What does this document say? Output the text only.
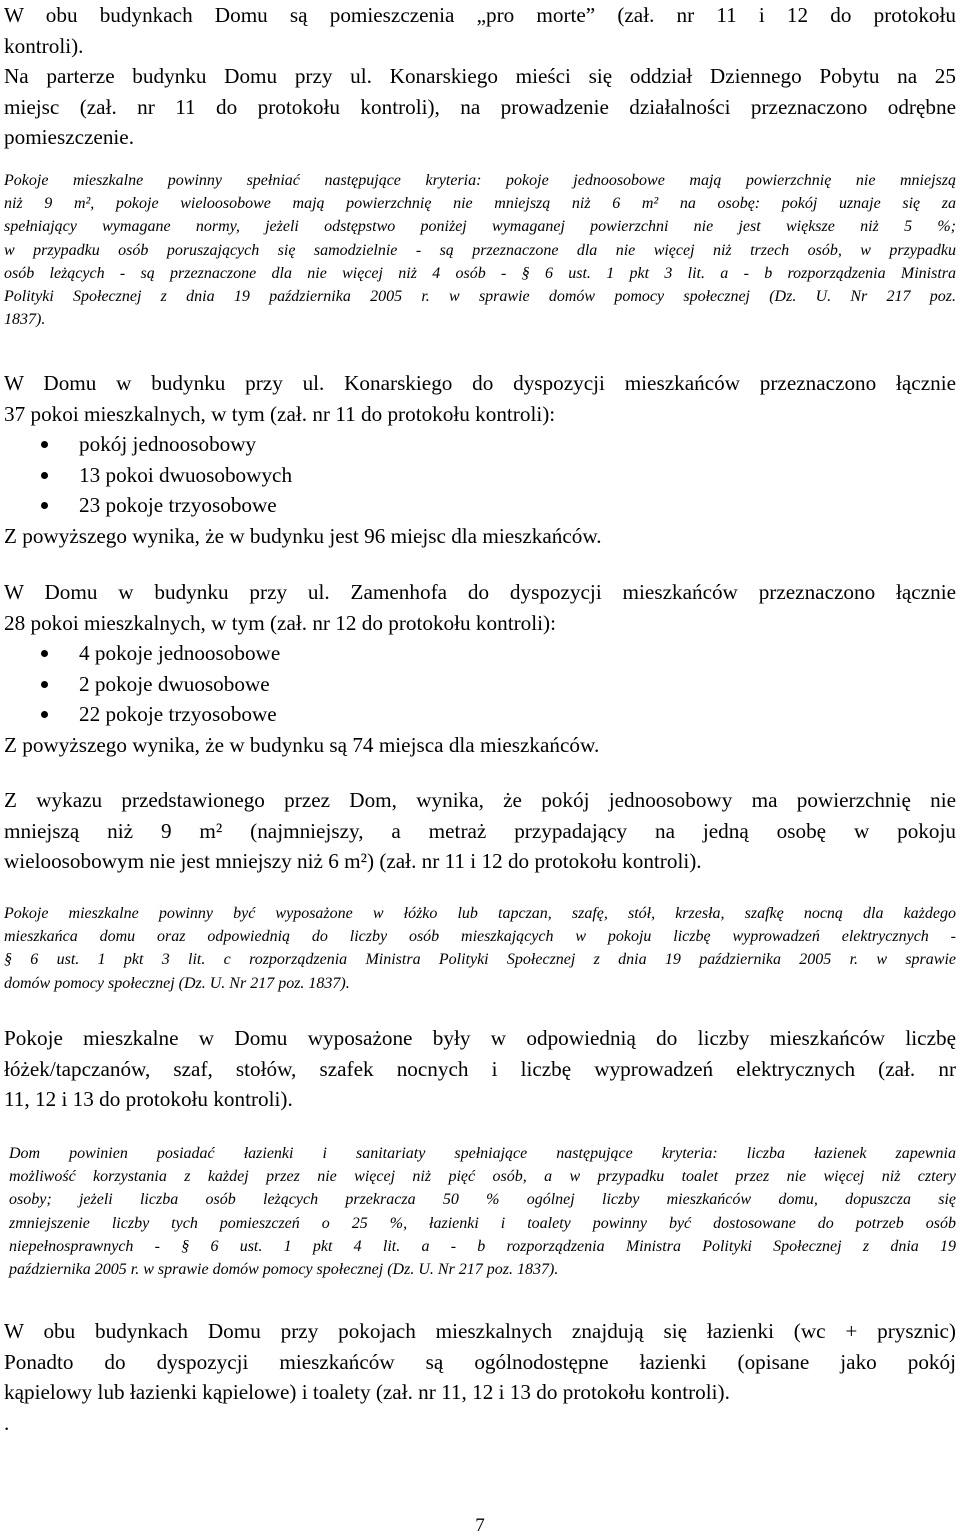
W obu budynkach Domu są pomieszczenia „pro morte” (zał. nr 11 i 12 do protokołu
kontroli).
Na parterze budynku Domu przy ul. Konarskiego mieści się oddział Dziennego Pobytu na 25
miejsc (zał. nr 11 do protokołu kontroli), na prowadzenie działalności przeznaczono odrębne
pomieszczenie.

Pokoje mieszkalne powinny spełniać następujące kryteria: pokoje jednoosobowe mają powierzchnię nie mniejszą
niż 9 m², pokoje wieloosobowe mają powierzchnię nie mniejszą niż 6 m² na osobę: pokój uznaje się za
spełniający wymagane normy, jeżeli odstępstwo poniżej wymaganej powierzchni nie jest większe niż 5 %;
w przypadku osób poruszających się samodzielnie - są przeznaczone dla nie więcej niż trzech osób, w przypadku
osób leżących - są przeznaczone dla nie więcej niż 4 osób - § 6 ust. 1 pkt 3 lit. a - b rozporządzenia Ministra
Polityki Społecznej z dnia 19 października 2005 r. w sprawie domów pomocy społecznej (Dz. U. Nr 217 poz.
1837).

W Domu w budynku przy ul. Konarskiego do dyspozycji mieszkańców przeznaczono łącznie
37 pokoi mieszkalnych, w tym (zał. nr 11 do protokołu kontroli):

pokój jednoosobowy
13 pokoi dwuosobowych
23 pokoje trzyosobowe

Z powyższego wynika, że w budynku jest 96 miejsc dla mieszkańców.

W Domu w budynku przy ul. Zamenhofa do dyspozycji mieszkańców przeznaczono łącznie
28 pokoi mieszkalnych, w tym (zał. nr 12 do protokołu kontroli):

4 pokoje jednoosobowe
2 pokoje dwuosobowe
22 pokoje trzyosobowe

Z powyższego wynika, że w budynku są 74 miejsca dla mieszkańców.

Z wykazu przedstawionego przez Dom, wynika, że pokój jednoosobowy ma powierzchnię nie
mniejszą niż 9 m² (najmniejszy, a metraż przypadający na jedną osobę w pokoju
wieloosobowym nie jest mniejszy niż 6 m²) (zał. nr 11 i 12 do protokołu kontroli).

Pokoje mieszkalne powinny być wyposażone w łóżko lub tapczan, szafę, stół, krzesła, szafkę nocną dla każdego
mieszkańca domu oraz odpowiednią do liczby osób mieszkających w pokoju liczbę wyprowadzeń elektrycznych -
§ 6 ust. 1 pkt 3 lit. c rozporządzenia Ministra Polityki Społecznej z dnia 19 października 2005 r. w sprawie
domów pomocy społecznej (Dz. U. Nr 217 poz. 1837).

Pokoje mieszkalne w Domu wyposażone były w odpowiednią do liczby mieszkańców liczbę
łóżek/tapczanów, szaf, stołów, szafek nocnych i liczbę wyprowadzeń elektrycznych (zał. nr
11, 12 i 13 do protokołu kontroli).

Dom powinien posiadać łazienki i sanitariaty spełniające następujące kryteria: liczba łazienek zapewnia
możliwość korzystania z każdej przez nie więcej niż pięć osób, a w przypadku toalet przez nie więcej niż cztery
osoby; jeżeli liczba osób leżących przekracza 50 % ogólnej liczby mieszkańców domu, dopuszcza się
zmniejszenie liczby tych pomieszczeń o 25 %, łazienki i toalety powinny być dostosowane do potrzeb osób
niepełnosprawnych - § 6 ust. 1 pkt 4 lit. a - b rozporządzenia Ministra Polityki Społecznej z dnia 19
października 2005 r. w sprawie domów pomocy społecznej (Dz. U. Nr 217 poz. 1837).

W obu budynkach Domu przy pokojach mieszkalnych znajdują się łazienki (wc + prysznic)
Ponadto do dyspozycji mieszkańców są ogólnodostępne łazienki (opisane jako pokój
kąpielowy lub łazienki kąpielowe) i toalety (zał. nr 11, 12 i 13 do protokołu kontroli).
.

7
